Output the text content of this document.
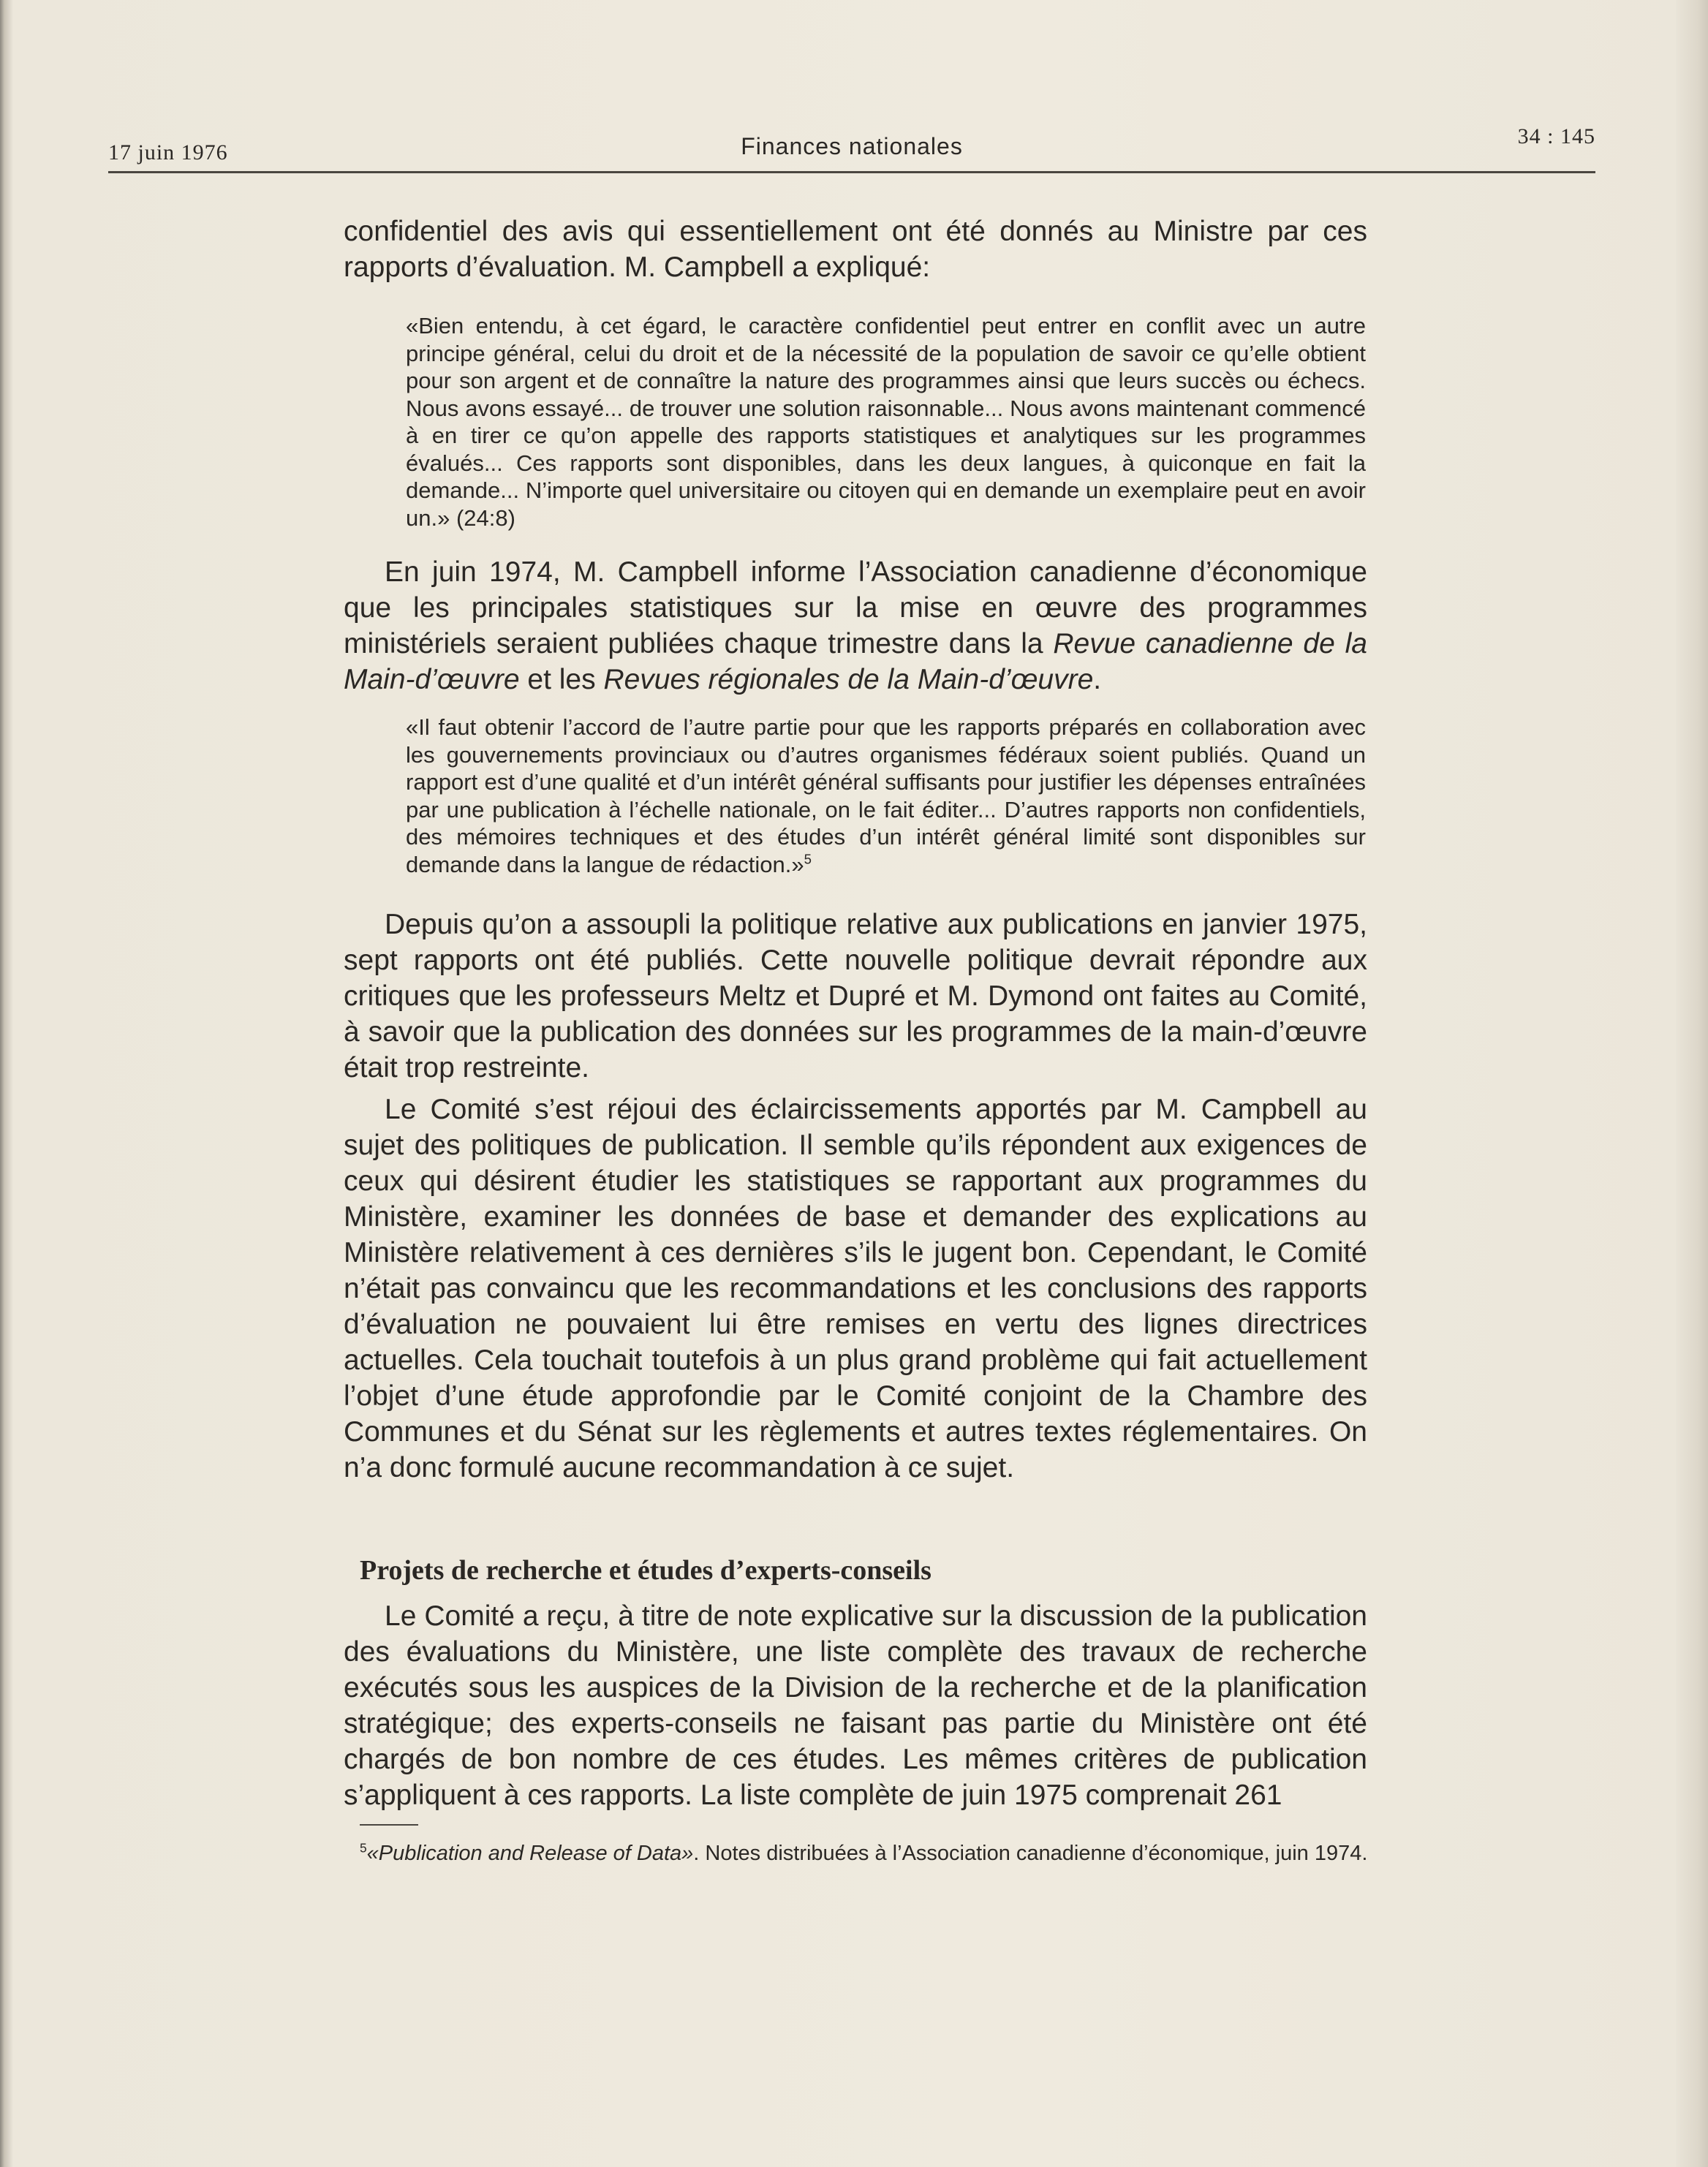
17 juin 1976	Finances nationales	34 : 145

confidentiel des avis qui essentiellement ont été donnés au Ministre par ces rapports d’évaluation. M. Campbell a expliqué:

«Bien entendu, à cet égard, le caractère confidentiel peut entrer en conflit avec un autre principe général, celui du droit et de la nécessité de la population de savoir ce qu’elle obtient pour son argent et de connaître la nature des programmes ainsi que leurs succès ou échecs. Nous avons essayé... de trouver une solution raisonnable... Nous avons maintenant commencé à en tirer ce qu’on appelle des rapports statistiques et analytiques sur les programmes évalués... Ces rapports sont disponibles, dans les deux langues, à quiconque en fait la demande... N’importe quel universitaire ou citoyen qui en demande un exemplaire peut en avoir un.» (24:8)

En juin 1974, M. Campbell informe l’Association canadienne d’économique que les principales statistiques sur la mise en œuvre des programmes ministériels seraient publiées chaque trimestre dans la Revue canadienne de la Main-d’œuvre et les Revues régionales de la Main-d’œuvre.

«Il faut obtenir l’accord de l’autre partie pour que les rapports préparés en collaboration avec les gouvernements provinciaux ou d’autres organismes fédéraux soient publiés. Quand un rapport est d’une qualité et d’un intérêt général suffisants pour justifier les dépenses entraînées par une publication à l’échelle nationale, on le fait éditer... D’autres rapports non confidentiels, des mémoires techniques et des études d’un intérêt général limité sont disponibles sur demande dans la langue de rédaction.»$^5$

Depuis qu’on a assoupli la politique relative aux publications en janvier 1975, sept rapports ont été publiés. Cette nouvelle politique devrait répondre aux critiques que les professeurs Meltz et Dupré et M. Dymond ont faites au Comité, à savoir que la publication des données sur les programmes de la main-d’œuvre était trop restreinte.

Le Comité s’est réjoui des éclaircissements apportés par M. Campbell au sujet des politiques de publication. Il semble qu’ils répondent aux exigences de ceux qui désirent étudier les statistiques se rapportant aux programmes du Ministère, examiner les données de base et demander des explications au Ministère relativement à ces dernières s’ils le jugent bon. Cependant, le Comité n’était pas convaincu que les recommandations et les conclusions des rapports d’évaluation ne pouvaient lui être remises en vertu des lignes directrices actuelles. Cela touchait toutefois à un plus grand problème qui fait actuellement l’objet d’une étude approfondie par le Comité conjoint de la Chambre des Communes et du Sénat sur les règlements et autres textes réglementaires. On n’a donc formulé aucune recommandation à ce sujet.

Projets de recherche et études d’experts-conseils

Le Comité a reçu, à titre de note explicative sur la discussion de la publication des évaluations du Ministère, une liste complète des travaux de recherche exécutés sous les auspices de la Division de la recherche et de la planification stratégique; des experts-conseils ne faisant pas partie du Ministère ont été chargés de bon nombre de ces études. Les mêmes critères de publication s’appliquent à ces rapports. La liste complète de juin 1975 comprenait 261

$^5$«Publication and Release of Data». Notes distribuées à l’Association canadienne d’économique, juin 1974.
